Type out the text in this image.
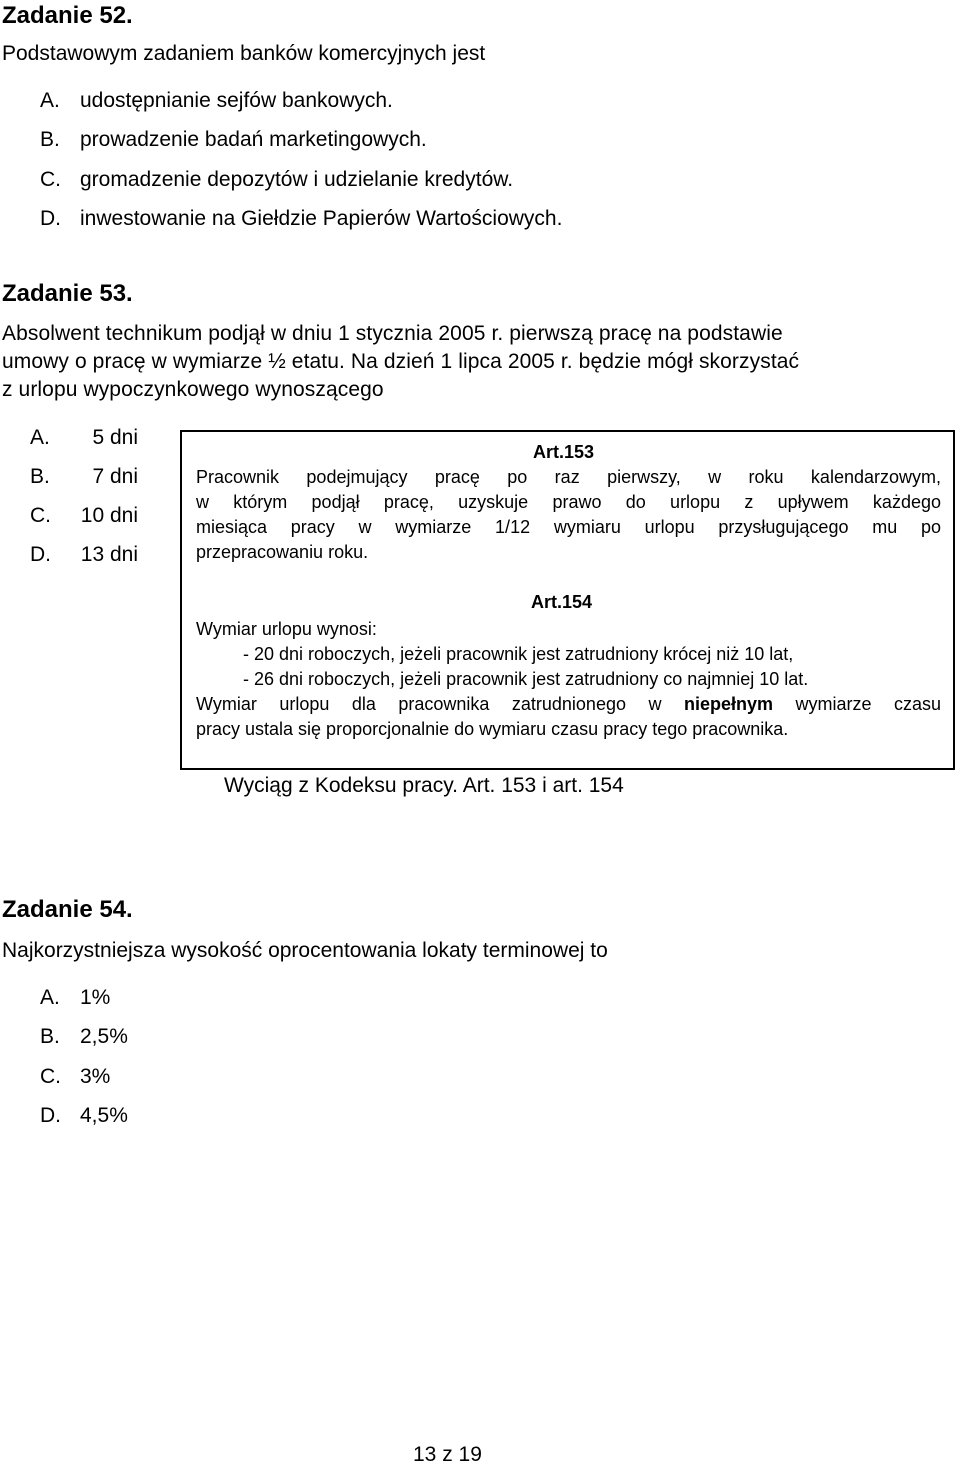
Zadanie 52.
Podstawowym zadaniem banków komercyjnych jest
A. udostępnianie sejfów bankowych.
B. prowadzenie badań marketingowych.
C. gromadzenie depozytów i udzielanie kredytów.
D. inwestowanie na Giełdzie Papierów Wartościowych.
Zadanie 53.
Absolwent technikum podjął w dniu 1 stycznia 2005 r. pierwszą pracę na podstawie
umowy o pracę w wymiarze ½ etatu. Na dzień 1 lipca 2005 r. będzie mógł skorzystać
z urlopu wypoczynkowego wynoszącego
A. 5 dni
B. 7 dni
C. 10 dni
D. 13 dni
Art.153
Pracownik podejmujący pracę po raz pierwszy, w roku kalendarzowym,
w którym podjął pracę, uzyskuje prawo do urlopu z upływem każdego
miesiąca pracy w wymiarze 1/12 wymiaru urlopu przysługującego mu po
przepracowaniu roku.
Art.154
Wymiar urlopu wynosi:
- 20 dni roboczych, jeżeli pracownik jest zatrudniony krócej niż 10 lat,
- 26 dni roboczych, jeżeli pracownik jest zatrudniony co najmniej 10 lat.
Wymiar urlopu dla pracownika zatrudnionego w niepełnym wymiarze czasu
pracy ustala się proporcjonalnie do wymiaru czasu pracy tego pracownika.
Wyciąg z Kodeksu pracy. Art. 153 i art. 154
Zadanie 54.
Najkorzystniejsza wysokość oprocentowania lokaty terminowej to
A. 1%
B. 2,5%
C. 3%
D. 4,5%
13 z 19
